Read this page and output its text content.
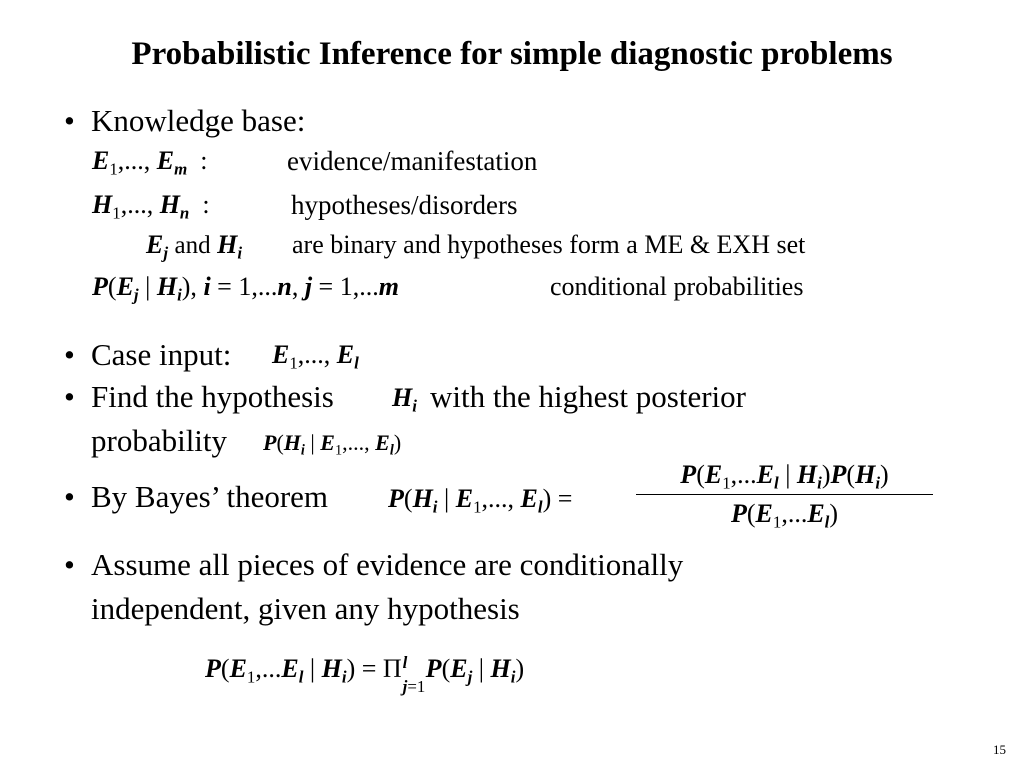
Probabilistic Inference for simple diagnostic problems
• Knowledge base:
$E_1$,..., $E_m$  :	evidence/manifestation
$H_1$,..., $H_n$  :	hypotheses/disorders
$E_j$ and $H_i$ are binary and hypotheses form a ME & EXH set
$P(E_j$ | $H_i$), i = 1,...n, j = 1,...m	conditional probabilities
• Case input: $E_1$,..., $E_l$
• Find the hypothesis $H_i$ with the highest posterior
probability $P(H_i$ | $E_1$,..., $E_l$)
• By Bayes’ theorem $P(H_i$ | $E_1$,..., $E_l) = \frac{P(E_1,...E_l | H_i)P(H_i)}{P(E_1,...E_l)}$
• Assume all pieces of evidence are conditionally
independent, given any hypothesis
$P(E_1,...E_l$ | $H_i) = \Pi$ l
j=1
$P(E_j$ | $H_i$)
15
